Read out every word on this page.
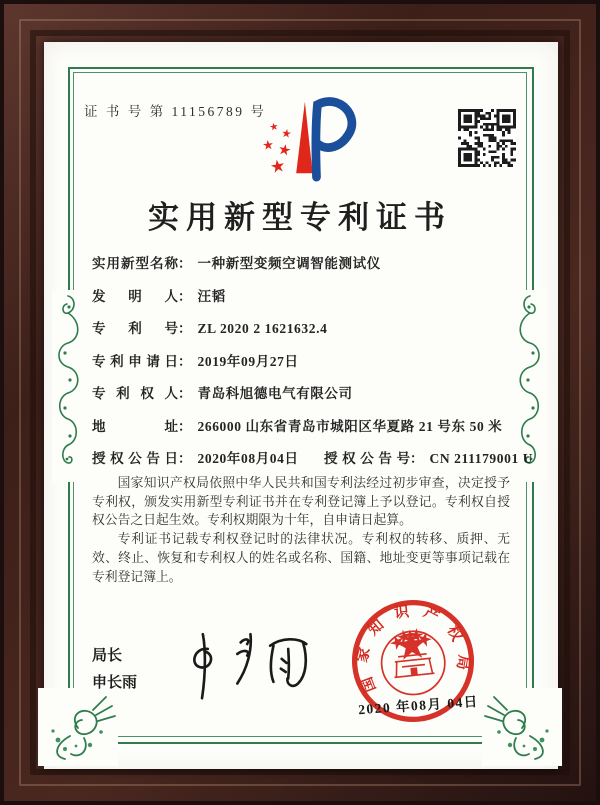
证 书 号 第 11156789 号
实用新型专利证书
实用新型名称： 一种新型变频空调智能测试仪
发明人： 汪韬
专利号： ZL 2020 2 1621632.4
专利申请日： 2019年09月27日
专利权人： 青岛科旭德电气有限公司
地址： 266000 山东省青岛市城阳区华夏路 21 号东 50 米
授权公告日： 2020年08月04日 授权公告号： CN 211179001 U

国家知识产权局依照中华人民共和国专利法经过初步审查，决定授予专利权，颁发实用新型专利证书并在专利登记簿上予以登记。专利权自授权公告之日起生效。专利权期限为十年，自申请日起算。

专利证书记载专利权登记时的法律状况。专利权的转移、质押、无效、终止、恢复和专利权人的姓名或名称、国籍、地址变更等事项记载在专利登记簿上。

局长
申长雨	国家知识产权局
2020 年08月 04日
